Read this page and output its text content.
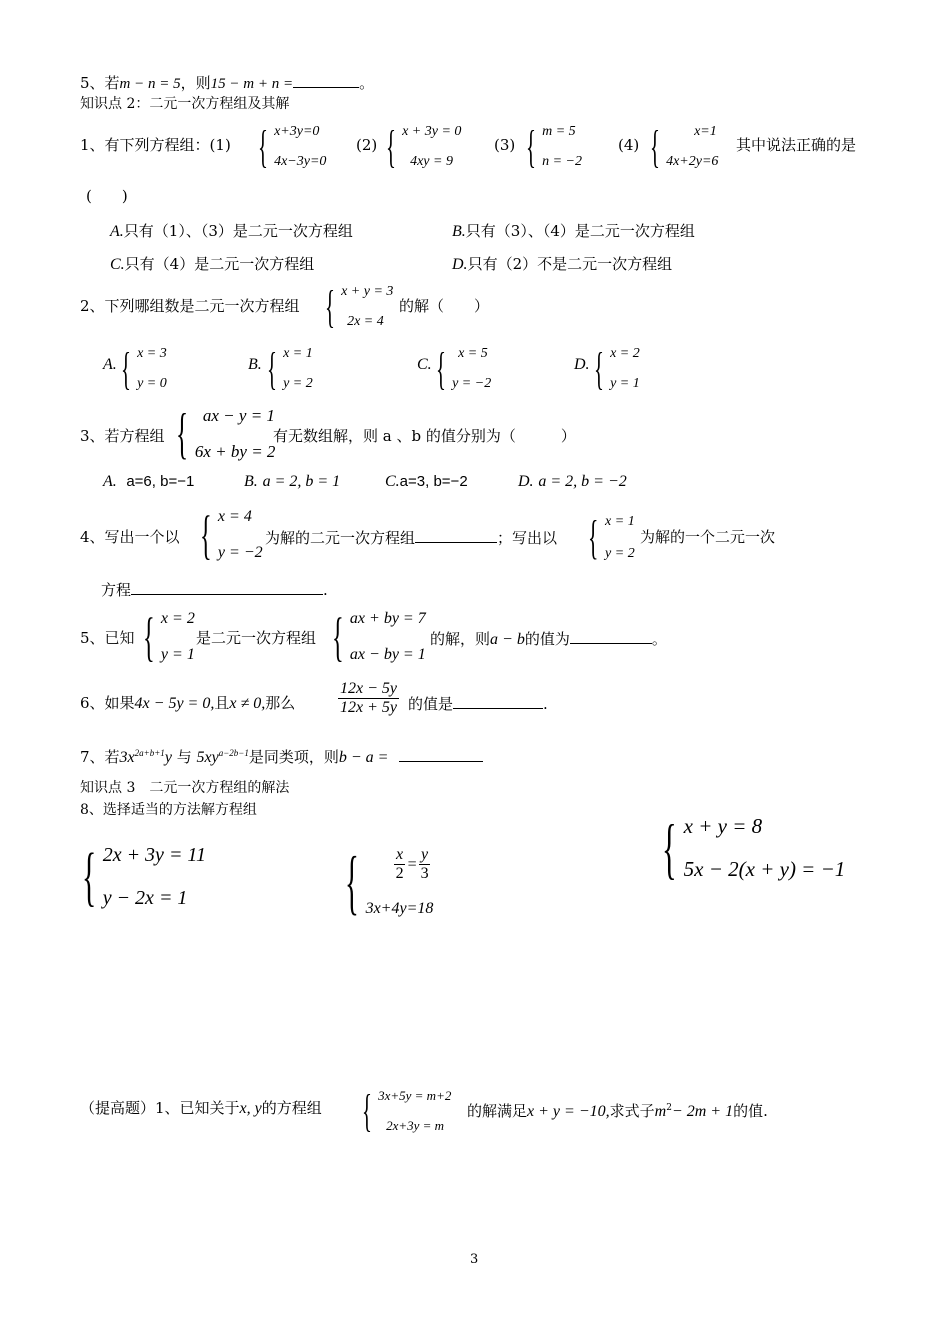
5、若m − n = 5，则15 − m + n =	。
知识点 2：二元一次方程组及其解
1、有下列方程组：(1) { x+3y=0
4x−3y=0
(2) { x + 3y = 0
4xy = 9
(3) { m = 5
n = −2
(4) {	x=1
4x+2y=6
其中说法正确的是
(　　)
A.只有（1）、（3）是二元一次方程组	B.只有（3）、（4）是二元一次方程组
C.只有（4）是二元一次方程组	D.只有（2）不是二元一次方程组
2、下列哪组数是二元一次方程组 { x + y = 3
2x = 4
的解（　　）
A. { x = 3
y = 0
B. { x = 1
y = 2
C. { x = 5
y = −2
D. { x = 2
y = 1
3、若方程组 { ax − y = 1
6x + by = 2
有无数组解，则 a 、b 的值分别为（　　　）
A. a=6, b=−1	B. a = 2, b = 1	C.a=3, b=−2	D. a = 2, b = −2
4、写出一个以 { x = 4
y = −2
为解的二元一次方程组	；写出以 { x = 1
y = 2
为解的一个二元一次
方程	.
5、已知 { x = 2
y = 1
是二元一次方程组 { ax + by = 7
ax − by = 1
的解，则a − b的值为	。
6、如果4x − 5y = 0,且x ≠ 0,那么	$\frac{12x - 5y}{12x + 5y}$ 的值是	.
7、若$3x^{2a+b+1}y$ 与 $5xy^{a-2b-1}$是同类项，则b − a =
知识点 3　二元一次方程组的解法
8、选择适当的方法解方程组
{ 2x + 3y = 11
y − 2x = 1 { $\frac{x}{2} = \frac{y}{3}$
3x+4y=18
{ x + y = 8
5x − 2(x + y) = −1
（提高题）1、已知关于x, y的方程组 { 3x+5y = m+2
2x+3y = m
的解满足x + y = −10,求式子$m^2- 2m + 1$的值.
3
